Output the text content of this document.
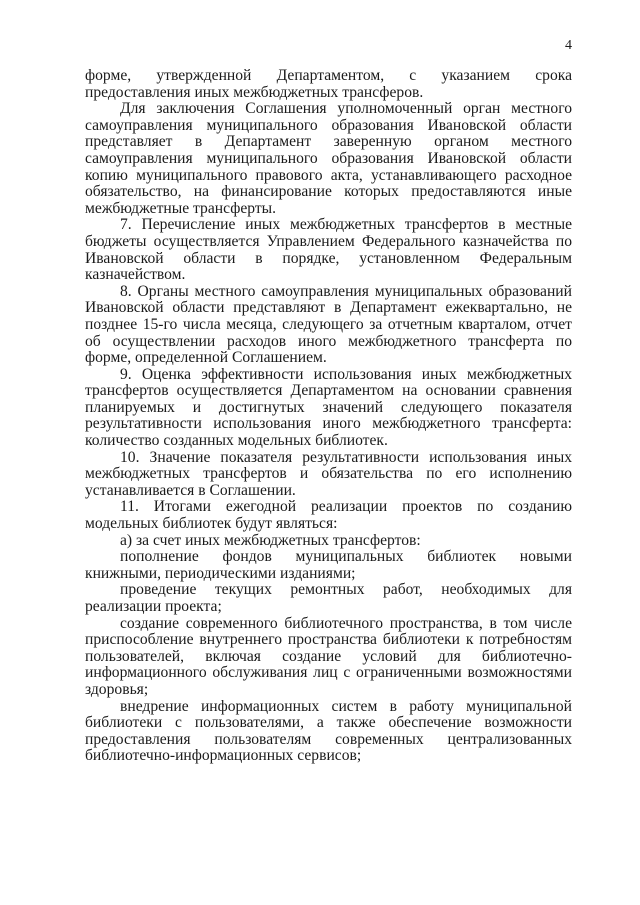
4

форме, утвержденной Департаментом, с указанием срока предоставления иных межбюджетных трансферов.

Для заключения Соглашения уполномоченный орган местного самоуправления муниципального образования Ивановской области представляет в Департамент заверенную органом местного самоуправления муниципального образования Ивановской области копию муниципального правового акта, устанавливающего расходное обязательство, на финансирование которых предоставляются иные межбюджетные трансферты.

7. Перечисление иных межбюджетных трансфертов в местные бюджеты осуществляется Управлением Федерального казначейства по Ивановской области в порядке, установленном Федеральным казначейством.

8. Органы местного самоуправления муниципальных образований Ивановской области представляют в Департамент ежеквартально, не позднее 15-го числа месяца, следующего за отчетным кварталом, отчет об осуществлении расходов иного межбюджетного трансферта по форме, определенной Соглашением.

9. Оценка эффективности использования иных межбюджетных трансфертов осуществляется Департаментом на основании сравнения планируемых и достигнутых значений следующего показателя результативности использования иного межбюджетного трансферта: количество созданных модельных библиотек.

10. Значение показателя результативности использования иных межбюджетных трансфертов и обязательства по его исполнению устанавливается в Соглашении.

11. Итогами ежегодной реализации проектов по созданию модельных библиотек будут являться:

а) за счет иных межбюджетных трансфертов:

пополнение фондов муниципальных библиотек новыми книжными, периодическими изданиями;

проведение текущих ремонтных работ, необходимых для реализации проекта;

создание современного библиотечного пространства, в том числе приспособление внутреннего пространства библиотеки к потребностям пользователей, включая создание условий для библиотечно-информационного обслуживания лиц с ограниченными возможностями здоровья;

внедрение информационных систем в работу муниципальной библиотеки с пользователями, а также обеспечение возможности предоставления пользователям современных централизованных библиотечно-информационных сервисов;
